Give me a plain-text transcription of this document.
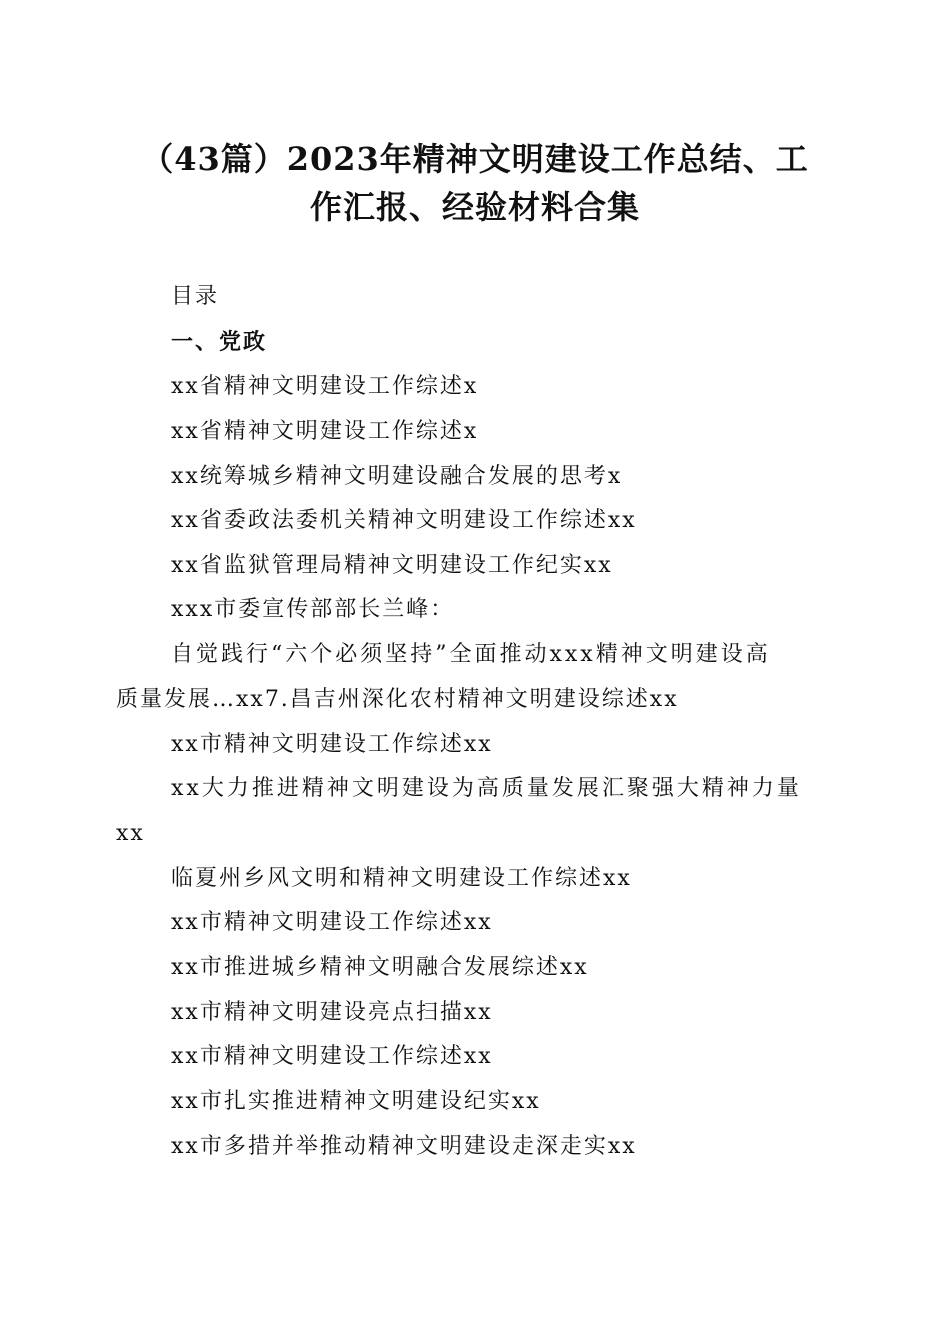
（43篇）2023年精神文明建设工作总结、工
作汇报、经验材料合集
目录
一、党政
xx省精神文明建设工作综述x
xx省精神文明建设工作综述x
xx统筹城乡精神文明建设融合发展的思考x
xx省委政法委机关精神文明建设工作综述xx
xx省监狱管理局精神文明建设工作纪实xx
xxx市委宣传部部长兰峰：
自觉践行“六个必须坚持”全面推动xxx精神文明建设高
质量发展…xx7.昌吉州深化农村精神文明建设综述xx
xx市精神文明建设工作综述xx
xx大力推进精神文明建设为高质量发展汇聚强大精神力量
xx
临夏州乡风文明和精神文明建设工作综述xx
xx市精神文明建设工作综述xx
xx市推进城乡精神文明融合发展综述xx
xx市精神文明建设亮点扫描xx
xx市精神文明建设工作综述xx
xx市扎实推进精神文明建设纪实xx
xx市多措并举推动精神文明建设走深走实xx
